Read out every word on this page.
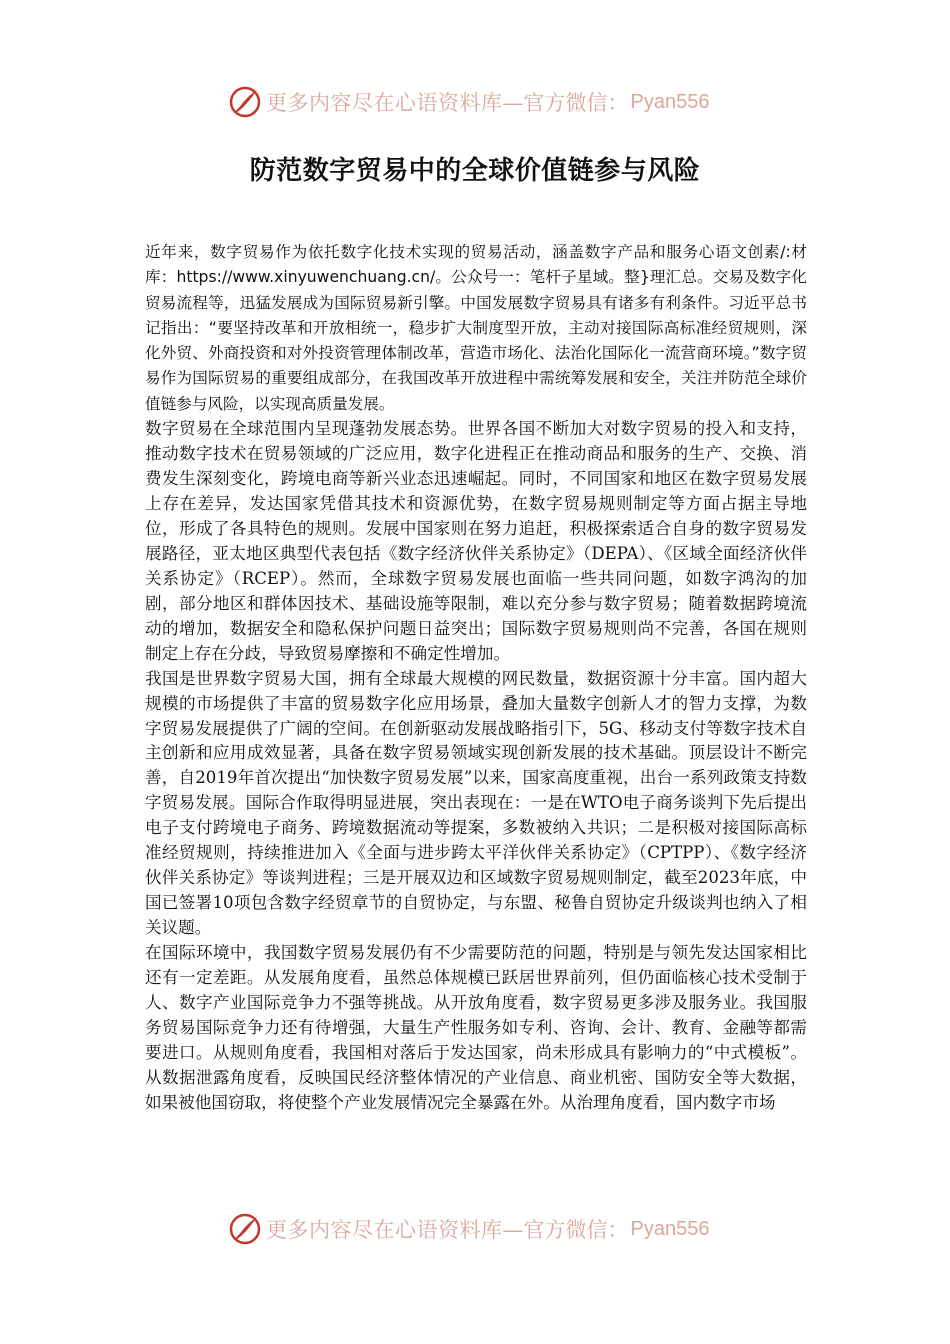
更多内容尽在心语资料库 —官方微信： Pyan556
防范数字贸易中的全球价值链参与风险

近年来，数字贸易作为依托数字化技术实现的贸易活动，涵盖数字产品和服务心语文创素/:材库：https://www.xinyuwenchuang.cn/。公众号一：笔杆子星域。整}理汇总。交易及数字化贸易流程等，迅猛发展成为国际贸易新引擎。中国发展数字贸易具有诸多有利条件。习近平总书记指出：“要坚持改革和开放相统一，稳步扩大制度型开放，主动对接国际高标准经贸规则，深化外贸、外商投资和对外投资管理体制改革，营造市场化、法治化国际化一流营商环境。”数字贸易作为国际贸易的重要组成部分，在我国改革开放进程中需统筹发展和安全，关注并防范全球价值链参与风险，以实现高质量发展。

数字贸易在全球范围内呈现蓬勃发展态势。世界各国不断加大对数字贸易的投入和支持，推动数字技术在贸易领域的广泛应用，数字化进程正在推动商品和服务的生产、交换、消费发生深刻变化，跨境电商等新兴业态迅速崛起。同时，不同国家和地区在数字贸易发展上存在差异，发达国家凭借其技术和资源优势，在数字贸易规则制定等方面占据主导地位，形成了各具特色的规则。发展中国家则在努力追赶，积极探索适合自身的数字贸易发展路径，亚太地区典型代表包括《数字经济伙伴关系协定》（DEPA）、《区域全面经济伙伴关系协定》（RCEP）。然而，全球数字贸易发展也面临一些共同问题，如数字鸿沟的加剧，部分地区和群体因技术、基础设施等限制，难以充分参与数字贸易；随着数据跨境流动的增加，数据安全和隐私保护问题日益突出；国际数字贸易规则尚不完善，各国在规则制定上存在分歧，导致贸易摩擦和不确定性增加。

我国是世界数字贸易大国，拥有全球最大规模的网民数量，数据资源十分丰富。国内超大规模的市场提供了丰富的贸易数字化应用场景，叠加大量数字创新人才的智力支撑，为数字贸易发展提供了广阔的空间。在创新驱动发展战略指引下，5G、移动支付等数字技术自主创新和应用成效显著，具备在数字贸易领域实现创新发展的技术基础。顶层设计不断完善，自2019年首次提出“加快数字贸易发展”以来，国家高度重视，出台一系列政策支持数字贸易发展。国际合作取得明显进展，突出表现在：一是在WTO电子商务谈判下先后提出电子支付跨境电子商务、跨境数据流动等提案，多数被纳入共识；二是积极对接国际高标准经贸规则，持续推进加入《全面与进步跨太平洋伙伴关系协定》（CPTPP）、《数字经济伙伴关系协定》等谈判进程；三是开展双边和区域数字贸易规则制定，截至2023年底，中国已签署10项包含数字经贸章节的自贸协定，与东盟、秘鲁自贸协定升级谈判也纳入了相关议题。

在国际环境中，我国数字贸易发展仍有不少需要防范的问题，特别是与领先发达国家相比还有一定差距。从发展角度看，虽然总体规模已跃居世界前列，但仍面临核心技术受制于人、数字产业国际竞争力不强等挑战。从开放角度看，数字贸易更多涉及服务业。我国服务贸易国际竞争力还有待增强，大量生产性服务如专利、咨询、会计、教育、金融等都需要进口。从规则角度看，我国相对落后于发达国家，尚未形成具有影响力的“中式模板”。从数据泄露角度看，反映国民经济整体情况的产业信息、商业机密、国防安全等大数据，如果被他国窃取，将使整个产业发展情况完全暴露在外。从治理角度看，国内数字市场

更多内容尽在心语资料库 —官方微信： Pyan556
